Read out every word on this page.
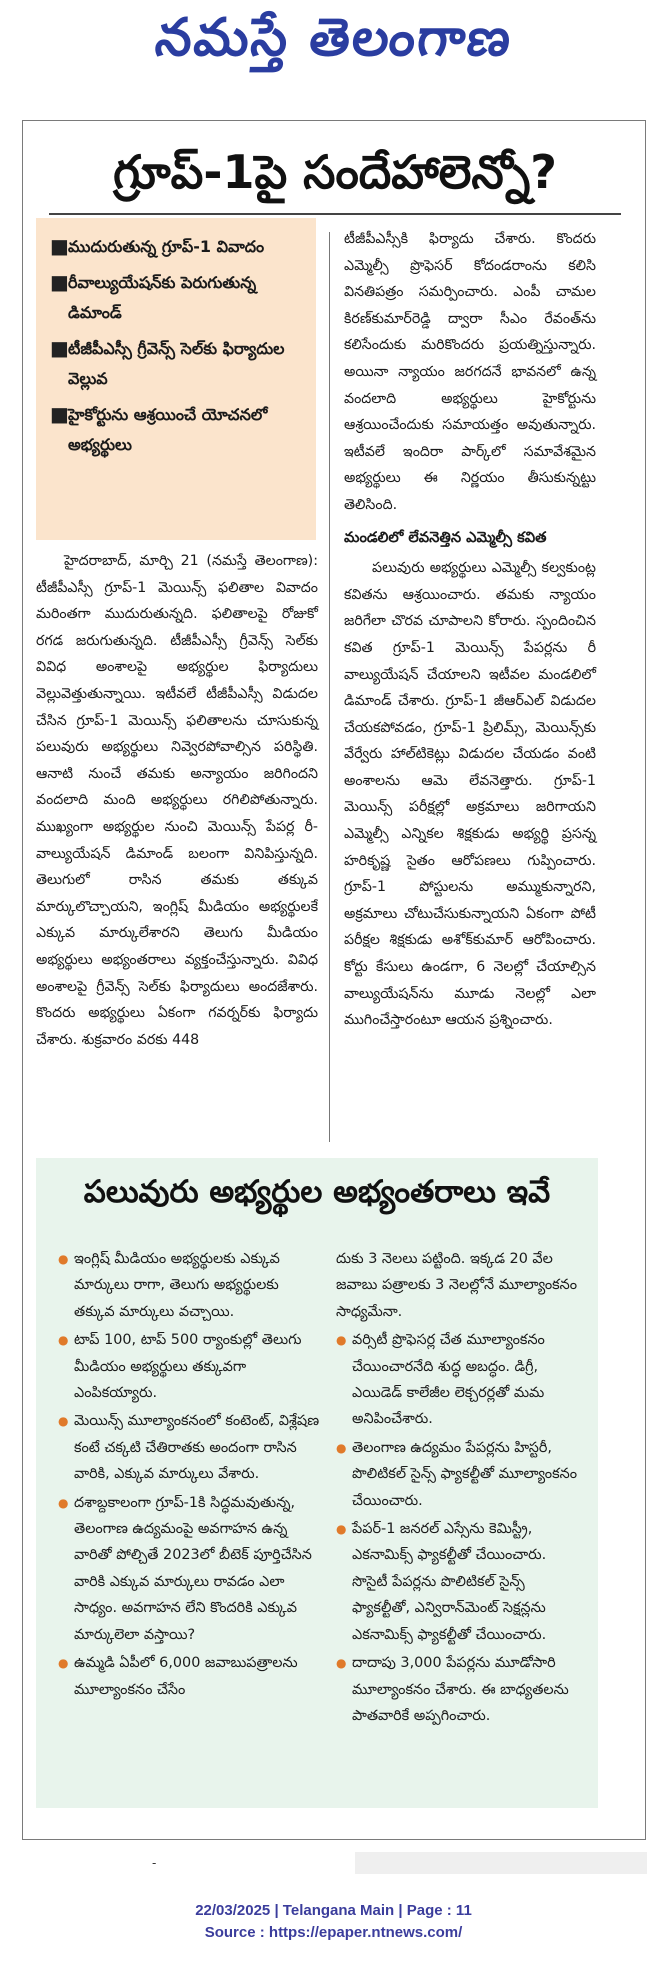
నమస్తే తెలంగాణ
గ్రూప్-1పై సందేహాలెన్నో?
■ ముదురుతున్న గ్రూప్-1 వివాదం
■ రీవాల్యుయేషన్‌కు పెరుగుతున్న డిమాండ్
■ టీజీపీఎస్సీ గ్రీవెన్స్ సెల్‌కు ఫిర్యాదుల వెల్లువ
■ హైకోర్టును ఆశ్రయించే యోచనలో అభ్యర్థులు

హైదరాబాద్, మార్చి 21 (నమస్తే తెలంగాణ): టీజీపీఎస్సీ గ్రూప్-1 మెయిన్స్ ఫలితాల వివాదం మరింతగా ముదురుతున్నది. ఫలితాలపై రోజుకో రగడ జరుగుతున్నది. టీజీపీఎస్సీ గ్రీవెన్స్ సెల్‌కు వివిధ అంశాలపై అభ్యర్థుల ఫిర్యాదులు వెల్లువెత్తుతున్నాయి. ఇటీవలే టీజీపీఎస్సీ విడుదల చేసిన గ్రూప్-1 మెయిన్స్ ఫలితాలను చూసుకున్న పలువురు అభ్యర్థులు నివ్వెరపోవాల్సిన పరిస్థితి. ఆనాటి నుంచే తమకు అన్యాయం జరిగిందని వందలాది మంది అభ్యర్థులు రగిలిపోతున్నారు. ముఖ్యంగా అభ్యర్థుల నుంచి మెయిన్స్ పేపర్ల రీ-వాల్యుయేషన్ డిమాండ్ బలంగా వినిపిస్తున్నది. తెలుగులో రాసిన తమకు తక్కువ మార్కులొచ్చాయని, ఇంగ్లిష్ మీడియం అభ్యర్థులకే ఎక్కువ మార్కులేశారని తెలుగు మీడియం అభ్యర్థులు అభ్యంతరాలు వ్యక్తంచేస్తున్నారు. వివిధ అంశాలపై గ్రీవెన్స్ సెల్‌కు ఫిర్యాదులు అందజేశారు. కొందరు అభ్యర్థులు ఏకంగా గవర్నర్‌కు ఫిర్యాదు చేశారు. శుక్రవారం వరకు 448

టీజీపీఎస్సీకి ఫిర్యాదు చేశారు. కొందరు ఎమ్మెల్సీ ప్రొఫెసర్ కోదండరాంను కలిసి వినతిపత్రం సమర్పించారు. ఎంపీ చామల కిరణ్‌కుమార్‌రెడ్డి ద్వారా సీఎం రేవంత్‌ను కలిసేందుకు మరికొందరు ప్రయత్నిస్తున్నారు. అయినా న్యాయం జరగదనే భావనలో ఉన్న వందలాది అభ్యర్థులు హైకోర్టును ఆశ్రయించేందుకు సమాయత్తం అవుతున్నారు. ఇటీవలే ఇందిరా పార్క్‌లో సమావేశమైన అభ్యర్థులు ఈ నిర్ణయం తీసుకున్నట్టు తెలిసింది.

మండలిలో లేవనెత్తిన ఎమ్మెల్సీ కవిత

పలువురు అభ్యర్థులు ఎమ్మెల్సీ కల్వకుంట్ల కవితను ఆశ్రయించారు. తమకు న్యాయం జరిగేలా చొరవ చూపాలని కోరారు. స్పందించిన కవిత గ్రూప్-1 మెయిన్స్ పేపర్లను రీ వాల్యుయేషన్ చేయాలని ఇటీవల మండలిలో డిమాండ్ చేశారు. గ్రూప్-1 జీఆర్‌ఎల్ విడుదల చేయకపోవడం, గ్రూప్-1 ప్రిలిమ్స్, మెయిన్స్‌కు వేర్వేరు హాల్‌టికెట్లు విడుదల చేయడం వంటి అంశాలను ఆమె లేవనెత్తారు. గ్రూప్-1 మెయిన్స్ పరీక్షల్లో అక్రమాలు జరిగాయని ఎమ్మెల్సీ ఎన్నికల శిక్షకుడు అభ్యర్థి ప్రసన్న హరికృష్ణ సైతం ఆరోపణలు గుప్పించారు. గ్రూప్-1 పోస్టులను అమ్ముకున్నారని, అక్రమాలు చోటుచేసుకున్నాయని ఏకంగా పోటీ పరీక్షల శిక్షకుడు అశోక్‌కుమార్ ఆరోపించారు. కోర్టు కేసులు ఉండగా, 6 నెలల్లో చేయాల్సిన వాల్యుయేషన్‌ను మూడు నెలల్లో ఎలా ముగించేస్తారంటూ ఆయన ప్రశ్నించారు.

పలువురు అభ్యర్థుల అభ్యంతరాలు ఇవే
● ఇంగ్లిష్ మీడియం అభ్యర్థులకు ఎక్కువ మార్కులు రాగా, తెలుగు అభ్యర్థులకు తక్కువ మార్కులు వచ్చాయి.
● టాప్ 100, టాప్ 500 ర్యాంకుల్లో తెలుగు మీడియం అభ్యర్థులు తక్కువగా ఎంపికయ్యారు.
● మెయిన్స్ మూల్యాంకనంలో కంటెంట్, విశ్లేషణ కంటే చక్కటి చేతిరాతకు అందంగా రాసిన వారికి, ఎక్కువ మార్కులు వేశారు.
● దశాబ్దకాలంగా గ్రూప్-1కి సిద్ధమవుతున్న, తెలంగాణ ఉద్యమంపై అవగాహన ఉన్న వారితో పోల్చితే 2023లో బీటెక్ పూర్తిచేసిన వారికి ఎక్కువ మార్కులు రావడం ఎలా సాధ్యం. అవగాహన లేని కొందరికి ఎక్కువ మార్కులెలా వస్తాయి?
● ఉమ్మడి ఏపీలో 6,000 జవాబుపత్రాలను మూల్యాంకనం చేసేం
దుకు 3 నెలలు పట్టింది. ఇక్కడ 20 వేల జవాబు పత్రాలకు 3 నెలల్లోనే మూల్యాంకనం సాధ్యమేనా.
● వర్సిటీ ప్రొఫెసర్ల చేత మూల్యాంకనం చేయించారనేది శుద్ధ అబద్ధం. డిగ్రీ, ఎయిడెడ్ కాలేజీల లెక్చరర్లతో మమ అనిపించేశారు.
● తెలంగాణ ఉద్యమం పేపర్లను హిస్టరీ, పొలిటికల్ సైన్స్ ఫ్యాకల్టీతో మూల్యాంకనం చేయించారు.
● పేపర్-1 జనరల్ ఎస్సేను కెమిస్ట్రీ, ఎకనామిక్స్ ఫ్యాకల్టీతో చేయించారు. సొసైటీ పేపర్లను పొలిటికల్ సైన్స్ ఫ్యాకల్టీతో, ఎన్విరాన్‌మెంట్ సెక్షన్లను ఎకనామిక్స్ ఫ్యాకల్టీతో చేయించారు.
● దాదాపు 3,000 పేపర్లను మూడోసారి మూల్యాంకనం చేశారు. ఈ బాధ్యతలను పాతవారికే అప్పగించారు.
-
22/03/2025 | Telangana Main | Page : 11
Source : https://epaper.ntnews.com/
